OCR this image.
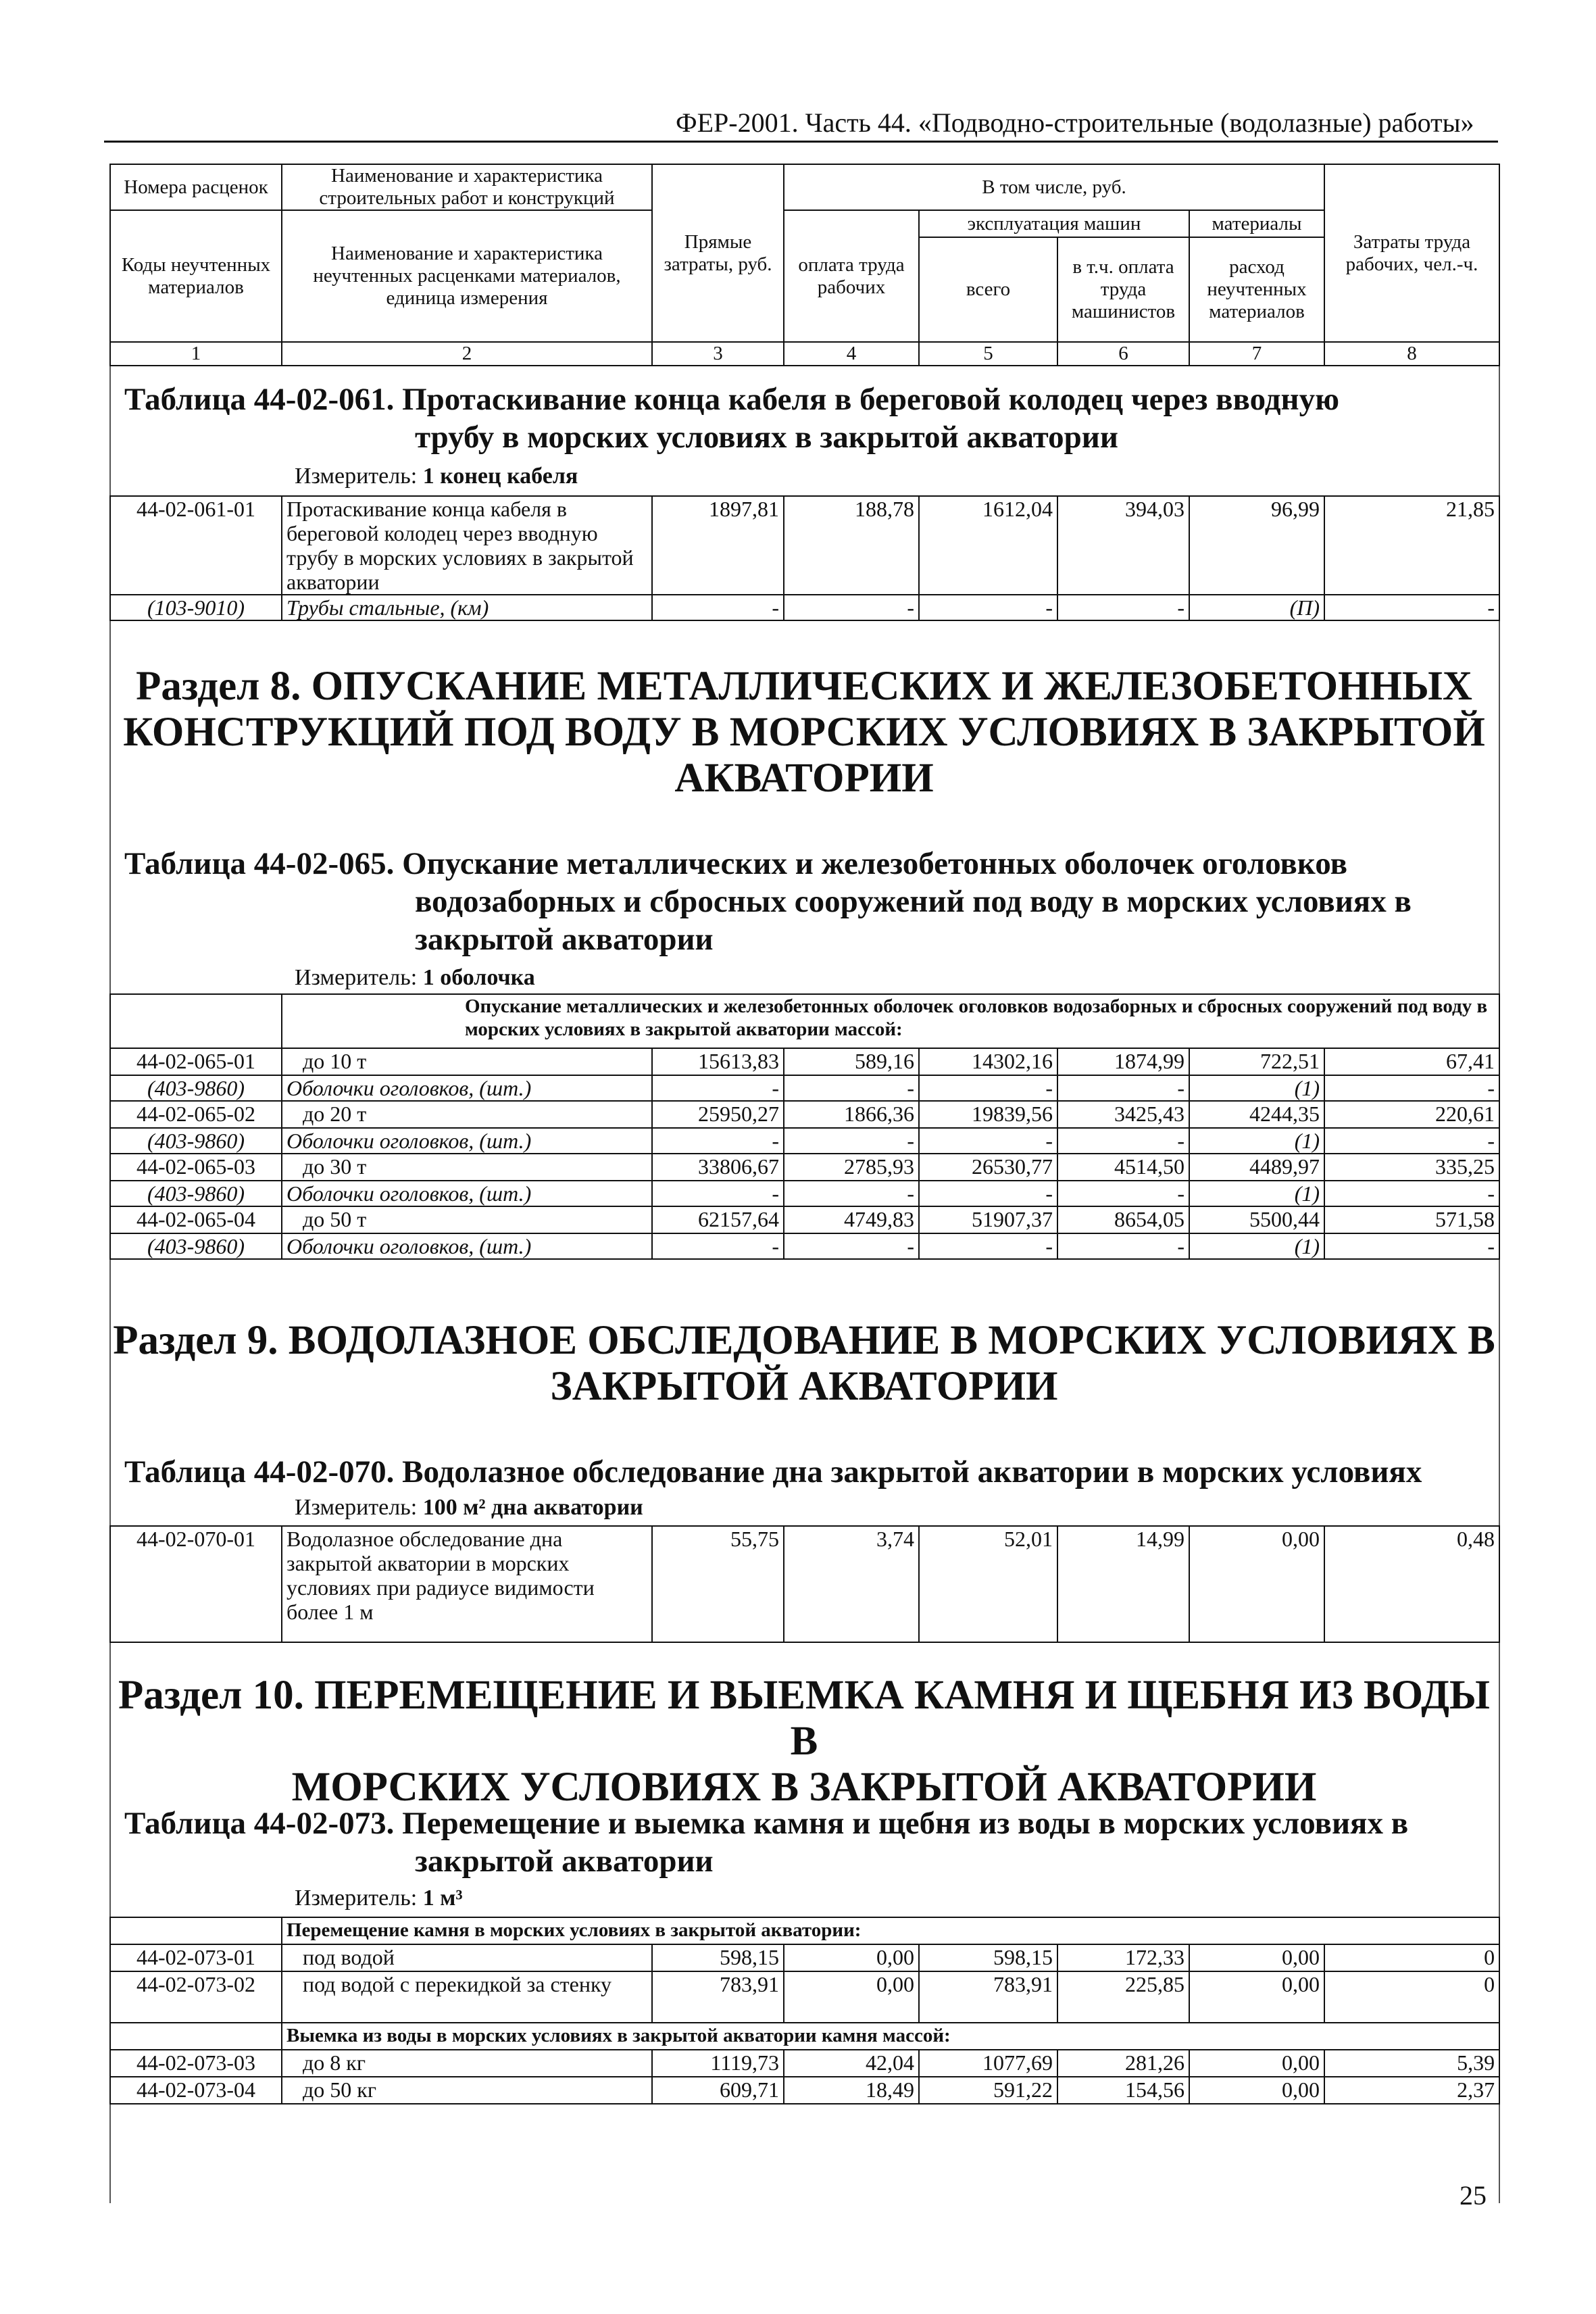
ФЕР-2001. Часть 44. «Подводно-строительные (водолазные) работы»
Номера расценок	Наименование и характеристика строительных работ и конструкций	Прямые затраты, руб.	В том числе, руб.				Затраты труда рабочих, чел.-ч.
Коды неучтенных материалов	Наименование и характеристика неучтенных расценками материалов, единица измерения		оплата труда рабочих	эксплуатация машин		материалы	
				всего	в т.ч. оплата труда машинистов	расход неучтенных материалов	
1	2	3	4	5	6	7	8
Таблица 44-02-061. Протаскивание конца кабеля в береговой колодец через вводную
трубу в морских условиях в закрытой акватории
Измеритель: 1 конец кабеля
44-02-061-01	Протаскивание конца кабеля в береговой колодец через вводную трубу в морских условиях в закрытой акватории	1897,81	188,78	1612,04	394,03	96,99	21,85
(103-9010)	Трубы стальные, (км)	-	-	-	-	(П)	-
Раздел 8. ОПУСКАНИЕ МЕТАЛЛИЧЕСКИХ И ЖЕЛЕЗОБЕТОННЫХ
КОНСТРУКЦИЙ ПОД ВОДУ В МОРСКИХ УСЛОВИЯХ В ЗАКРЫТОЙ
АКВАТОРИИ
Таблица 44-02-065. Опускание металлических и железобетонных оболочек оголовков
водозаборных и сбросных сооружений под воду в морских условиях в
закрытой акватории
Измеритель: 1 оболочка
	Опускание металлических и железобетонных оболочек оголовков водозаборных и сбросных сооружений под воду в морских условиях в закрытой акватории массой:						
44-02-065-01	до 10 т	15613,83	589,16	14302,16	1874,99	722,51	67,41
(403-9860)	Оболочки оголовков, (шт.)	-	-	-	-	(1)	-
44-02-065-02	до 20 т	25950,27	1866,36	19839,56	3425,43	4244,35	220,61
(403-9860)	Оболочки оголовков, (шт.)	-	-	-	-	(1)	-
44-02-065-03	до 30 т	33806,67	2785,93	26530,77	4514,50	4489,97	335,25
(403-9860)	Оболочки оголовков, (шт.)	-	-	-	-	(1)	-
44-02-065-04	до 50 т	62157,64	4749,83	51907,37	8654,05	5500,44	571,58
(403-9860)	Оболочки оголовков, (шт.)	-	-	-	-	(1)	-
Раздел 9. ВОДОЛАЗНОЕ ОБСЛЕДОВАНИЕ В МОРСКИХ УСЛОВИЯХ В
ЗАКРЫТОЙ АКВАТОРИИ
Таблица 44-02-070. Водолазное обследование дна закрытой акватории в морских условиях
Измеритель: 100 м² дна акватории
44-02-070-01	Водолазное обследование дна закрытой акватории в морских условиях при радиусе видимости более 1 м	55,75	3,74	52,01	14,99	0,00	0,48
Раздел 10. ПЕРЕМЕЩЕНИЕ И ВЫЕМКА КАМНЯ И ЩЕБНЯ ИЗ ВОДЫ В
МОРСКИХ УСЛОВИЯХ В ЗАКРЫТОЙ АКВАТОРИИ
Таблица 44-02-073. Перемещение и выемка камня и щебня из воды в морских условиях в
закрытой акватории
Измеритель: 1 м³
	Перемещение камня в морских условиях в закрытой акватории:						
44-02-073-01	под водой	598,15	0,00	598,15	172,33	0,00	0
44-02-073-02	под водой с перекидкой за стенку	783,91	0,00	783,91	225,85	0,00	0
	Выемка из воды в морских условиях в закрытой акватории камня массой:						
44-02-073-03	до 8 кг	1119,73	42,04	1077,69	281,26	0,00	5,39
44-02-073-04	до 50 кг	609,71	18,49	591,22	154,56	0,00	2,37
25
